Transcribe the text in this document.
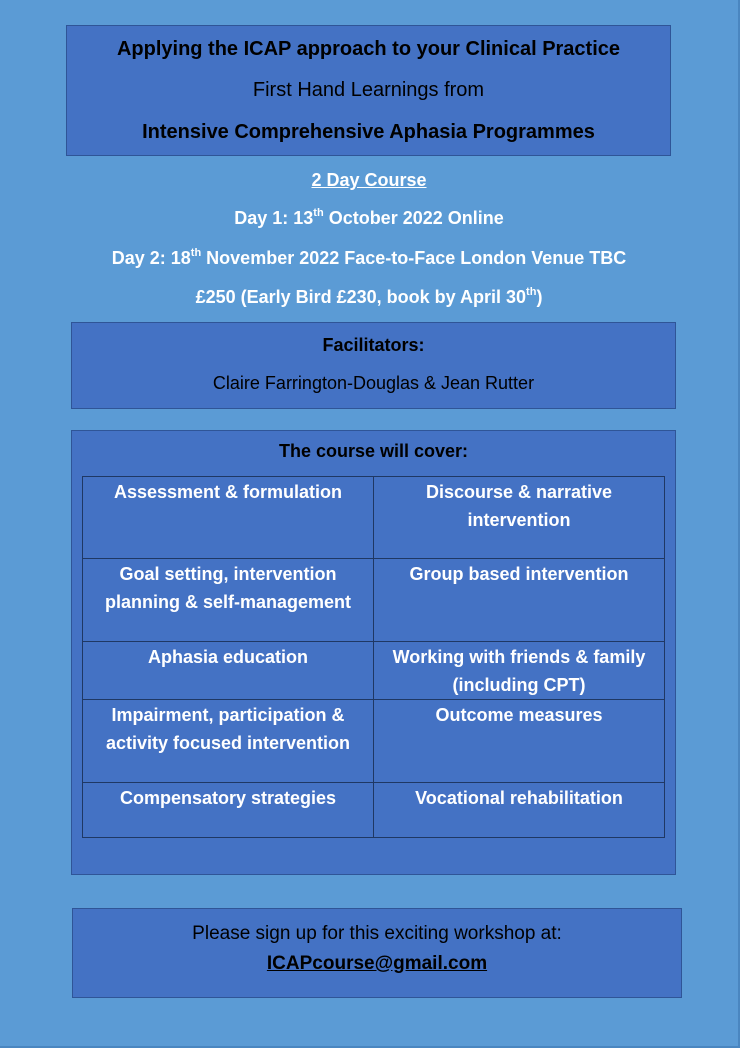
Applying the ICAP approach to your Clinical Practice
First Hand Learnings from
Intensive Comprehensive Aphasia Programmes
2 Day Course
Day 1: 13th October 2022 Online
Day 2: 18th November 2022 Face-to-Face London Venue TBC
£250 (Early Bird £230, book by April 30th)
Facilitators:
Claire Farrington-Douglas & Jean Rutter
The course will cover:
Assessment & formulation	Discourse & narrative intervention
Goal setting, intervention planning & self-management	Group based intervention
Aphasia education	Working with friends & family (including CPT)
Impairment, participation & activity focused intervention	Outcome measures
Compensatory strategies	Vocational rehabilitation
Please sign up for this exciting workshop at:
ICAPcourse@gmail.com
